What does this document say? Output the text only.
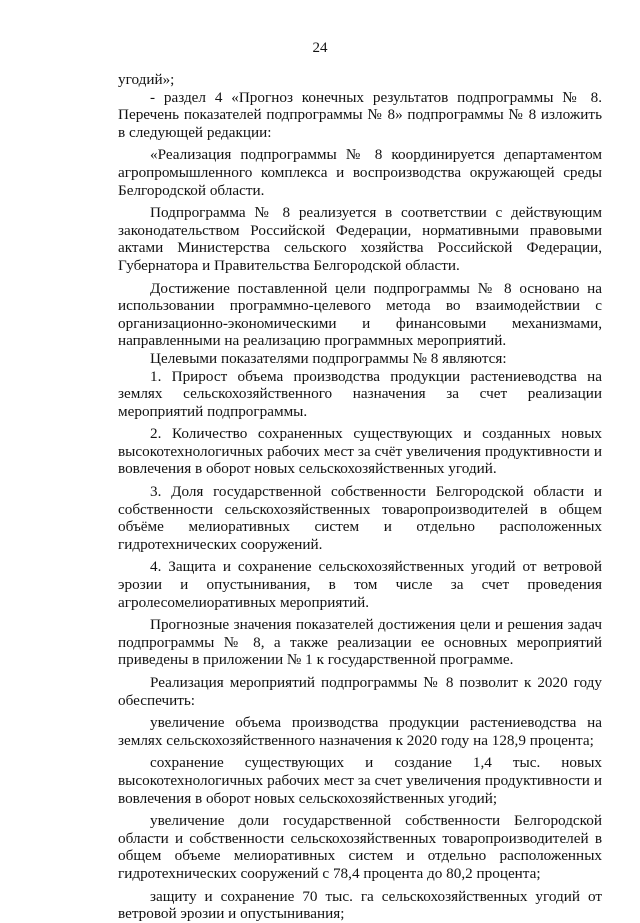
24

угодий»;

- раздел 4 «Прогноз конечных результатов подпрограммы № 8. Перечень показателей подпрограммы № 8» подпрограммы № 8 изложить в следующей редакции:

«Реализация подпрограммы № 8 координируется департаментом агропромышленного комплекса и воспроизводства окружающей среды Белгородской области.

Подпрограмма № 8 реализуется в соответствии с действующим законодательством Российской Федерации, нормативными правовыми актами Министерства сельского хозяйства Российской Федерации, Губернатора и Правительства Белгородской области.

Достижение поставленной цели подпрограммы № 8 основано на использовании программно-целевого метода во взаимодействии с организационно-экономическими и финансовыми механизмами, направленными на реализацию программных мероприятий.

Целевыми показателями подпрограммы № 8 являются:

1. Прирост объема производства продукции растениеводства на землях сельскохозяйственного назначения за счет реализации мероприятий подпрограммы.

2. Количество сохраненных существующих и созданных новых высокотехнологичных рабочих мест за счёт увеличения продуктивности и вовлечения в оборот новых сельскохозяйственных угодий.

3. Доля государственной собственности Белгородской области и собственности сельскохозяйственных товаропроизводителей в общем объёме мелиоративных систем и отдельно расположенных гидротехнических сооружений.

4. Защита и сохранение сельскохозяйственных угодий от ветровой эрозии и опустынивания, в том числе за счет проведения агролесомелиоративных мероприятий.

Прогнозные значения показателей достижения цели и решения задач подпрограммы № 8, а также реализации ее основных мероприятий приведены в приложении № 1 к государственной программе.

Реализация мероприятий подпрограммы № 8 позволит к 2020 году обеспечить:

увеличение объема производства продукции растениеводства на землях сельскохозяйственного назначения к 2020 году на 128,9 процента;

сохранение существующих и создание 1,4 тыс. новых высокотехнологичных рабочих мест за счет увеличения продуктивности и вовлечения в оборот новых сельскохозяйственных угодий;

увеличение доли государственной собственности Белгородской области и собственности сельскохозяйственных товаропроизводителей в общем объеме мелиоративных систем и отдельно расположенных гидротехнических сооружений с 78,4 процента до 80,2 процента;

защиту и сохранение 70 тыс. га сельскохозяйственных угодий от ветровой эрозии и опустынивания;
